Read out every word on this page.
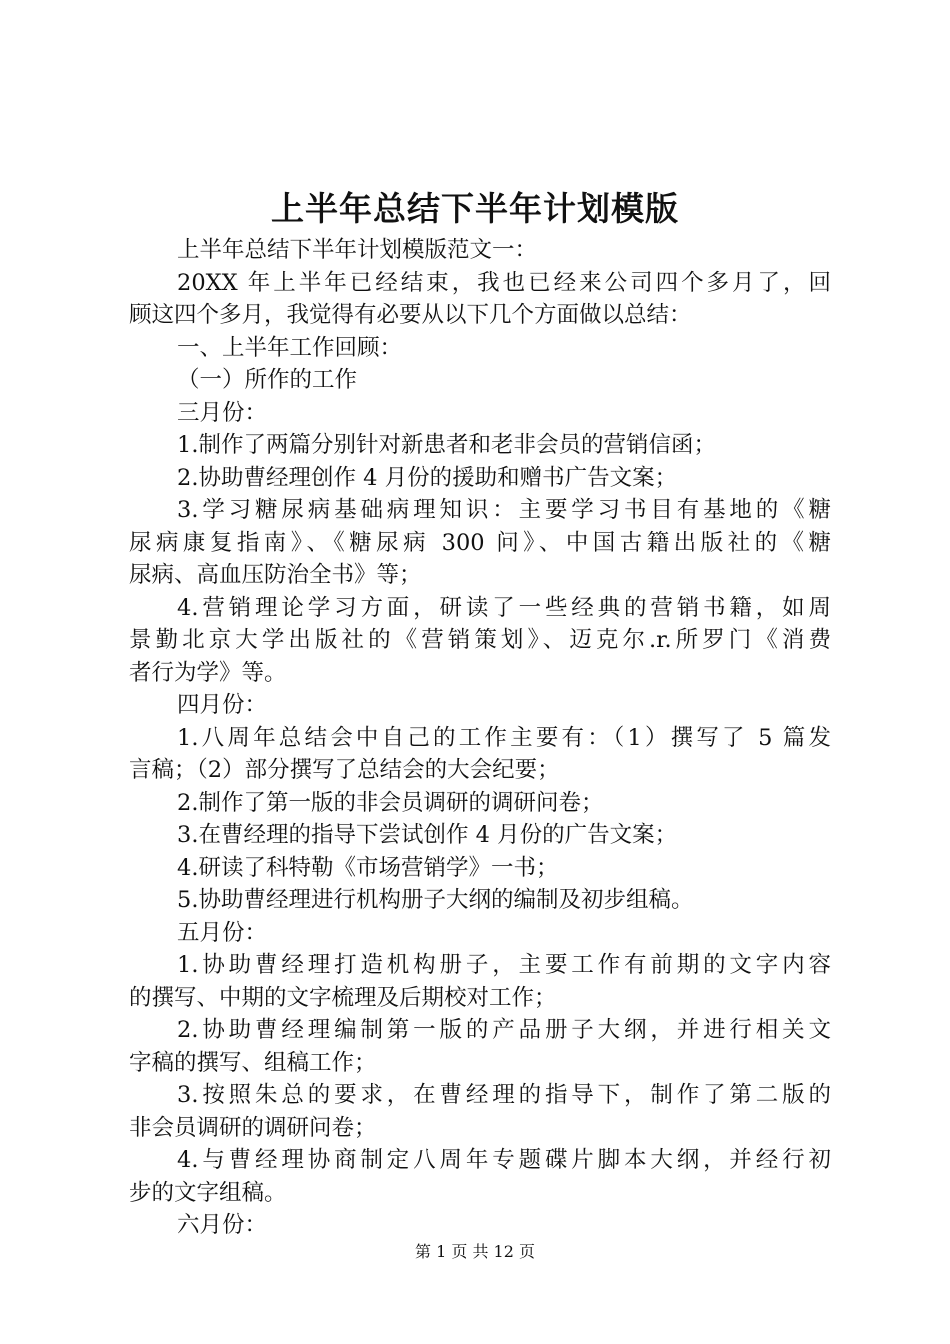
上半年总结下半年计划模版
上半年总结下半年计划模版范文一：
20XX 年上半年已经结束，我也已经来公司四个多月了，回
顾这四个多月，我觉得有必要从以下几个方面做以总结：
一、上半年工作回顾：
（一）所作的工作
三月份：
1.制作了两篇分别针对新患者和老非会员的营销信函；
2.协助曹经理创作 4 月份的援助和赠书广告文案；
3.学习糖尿病基础病理知识：主要学习书目有基地的《糖
尿病康复指南》、《糖尿病 300 问》、中国古籍出版社的《糖
尿病、高血压防治全书》等；
4.营销理论学习方面，研读了一些经典的营销书籍，如周
景勤北京大学出版社的《营销策划》、迈克尔.r.所罗门《消费
者行为学》等。
四月份：
1.八周年总结会中自己的工作主要有：（1）撰写了 5 篇发
言稿；（2）部分撰写了总结会的大会纪要；
2.制作了第一版的非会员调研的调研问卷；
3.在曹经理的指导下尝试创作 4 月份的广告文案；
4.研读了科特勒《市场营销学》一书；
5.协助曹经理进行机构册子大纲的编制及初步组稿。
五月份：
1.协助曹经理打造机构册子，主要工作有前期的文字内容
的撰写、中期的文字梳理及后期校对工作；
2.协助曹经理编制第一版的产品册子大纲，并进行相关文
字稿的撰写、组稿工作；
3.按照朱总的要求，在曹经理的指导下，制作了第二版的
非会员调研的调研问卷；
4.与曹经理协商制定八周年专题碟片脚本大纲，并经行初
步的文字组稿。
六月份：
第 1 页 共 12 页
